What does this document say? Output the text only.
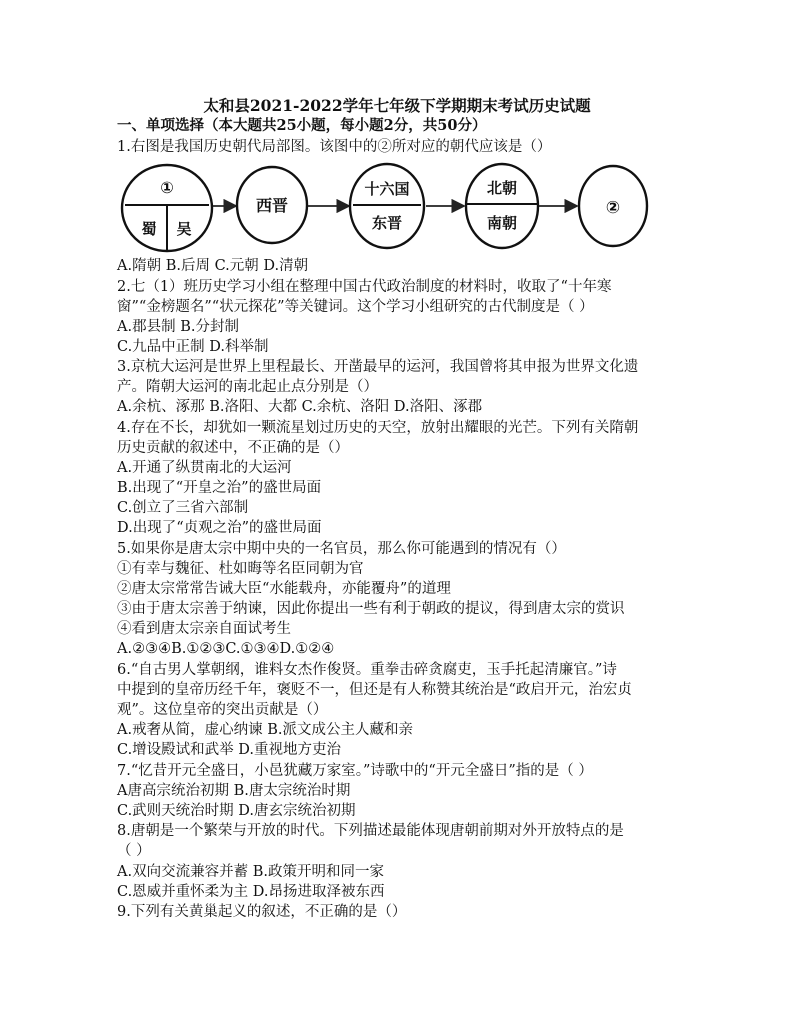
太和县2021-2022学年七年级下学期期末考试历史试题
一、单项选择（本大题共25小题，每小题2分，共50分）
1.右图是我国历史朝代局部图。该图中的②所对应的朝代应该是（）
①
蜀 吴
西晋
十六国
东晋
北朝
南朝
②
A.隋朝 B.后周 C.元朝 D.清朝
2.七（1）班历史学习小组在整理中国古代政治制度的材料时，收取了“十年寒
窗”“金榜题名”“状元探花”等关键词。这个学习小组研究的古代制度是（ ）
A.郡县制 B.分封制
C.九品中正制 D.科举制
3.京杭大运河是世界上里程最长、开凿最早的运河，我国曾将其申报为世界文化遗
产。隋朝大运河的南北起止点分别是（）
A.余杭、涿那 B.洛阳、大都 C.余杭、洛阳 D.洛阳、涿郡
4.存在不长，却犹如一颗流星划过历史的天空，放射出耀眼的光芒。下列有关隋朝
历史贡献的叙述中，不正确的是（）
A.开通了纵贯南北的大运河
B.出现了“开皇之治”的盛世局面
C.创立了三省六部制
D.出现了“贞观之治”的盛世局面
5.如果你是唐太宗中期中央的一名官员，那么你可能遇到的情况有（）
①有幸与魏征、杜如晦等名臣同朝为官
②唐太宗常常告诫大臣“水能载舟，亦能覆舟”的道理
③由于唐太宗善于纳谏，因此你提出一些有利于朝政的提议，得到唐太宗的赏识
④看到唐太宗亲自面试考生
A.②③④B.①②③C.①③④D.①②④
6.“自古男人掌朝纲，谁料女杰作俊贤。重拳击碎贪腐吏，玉手托起清廉官。”诗
中提到的皇帝历经千年，褒贬不一，但还是有人称赞其统治是“政启开元，治宏贞
观”。这位皇帝的突出贡献是（）
A.戒奢从简，虚心纳谏 B.派文成公主人藏和亲
C.增设殿试和武举 D.重视地方吏治
7.“忆昔开元全盛日，小邑犹藏万家室。”诗歌中的“开元全盛日”指的是（ ）
A唐高宗统治初期 B.唐太宗统治时期
C.武则天统治时期 D.唐玄宗统治初期
8.唐朝是一个繁荣与开放的时代。下列描述最能体现唐朝前期对外开放特点的是
（ ）
A.双向交流兼容并蓄 B.政策开明和同一家
C.恩威并重怀柔为主 D.昂扬进取泽被东西
9.下列有关黄巢起义的叙述，不正确的是（）
